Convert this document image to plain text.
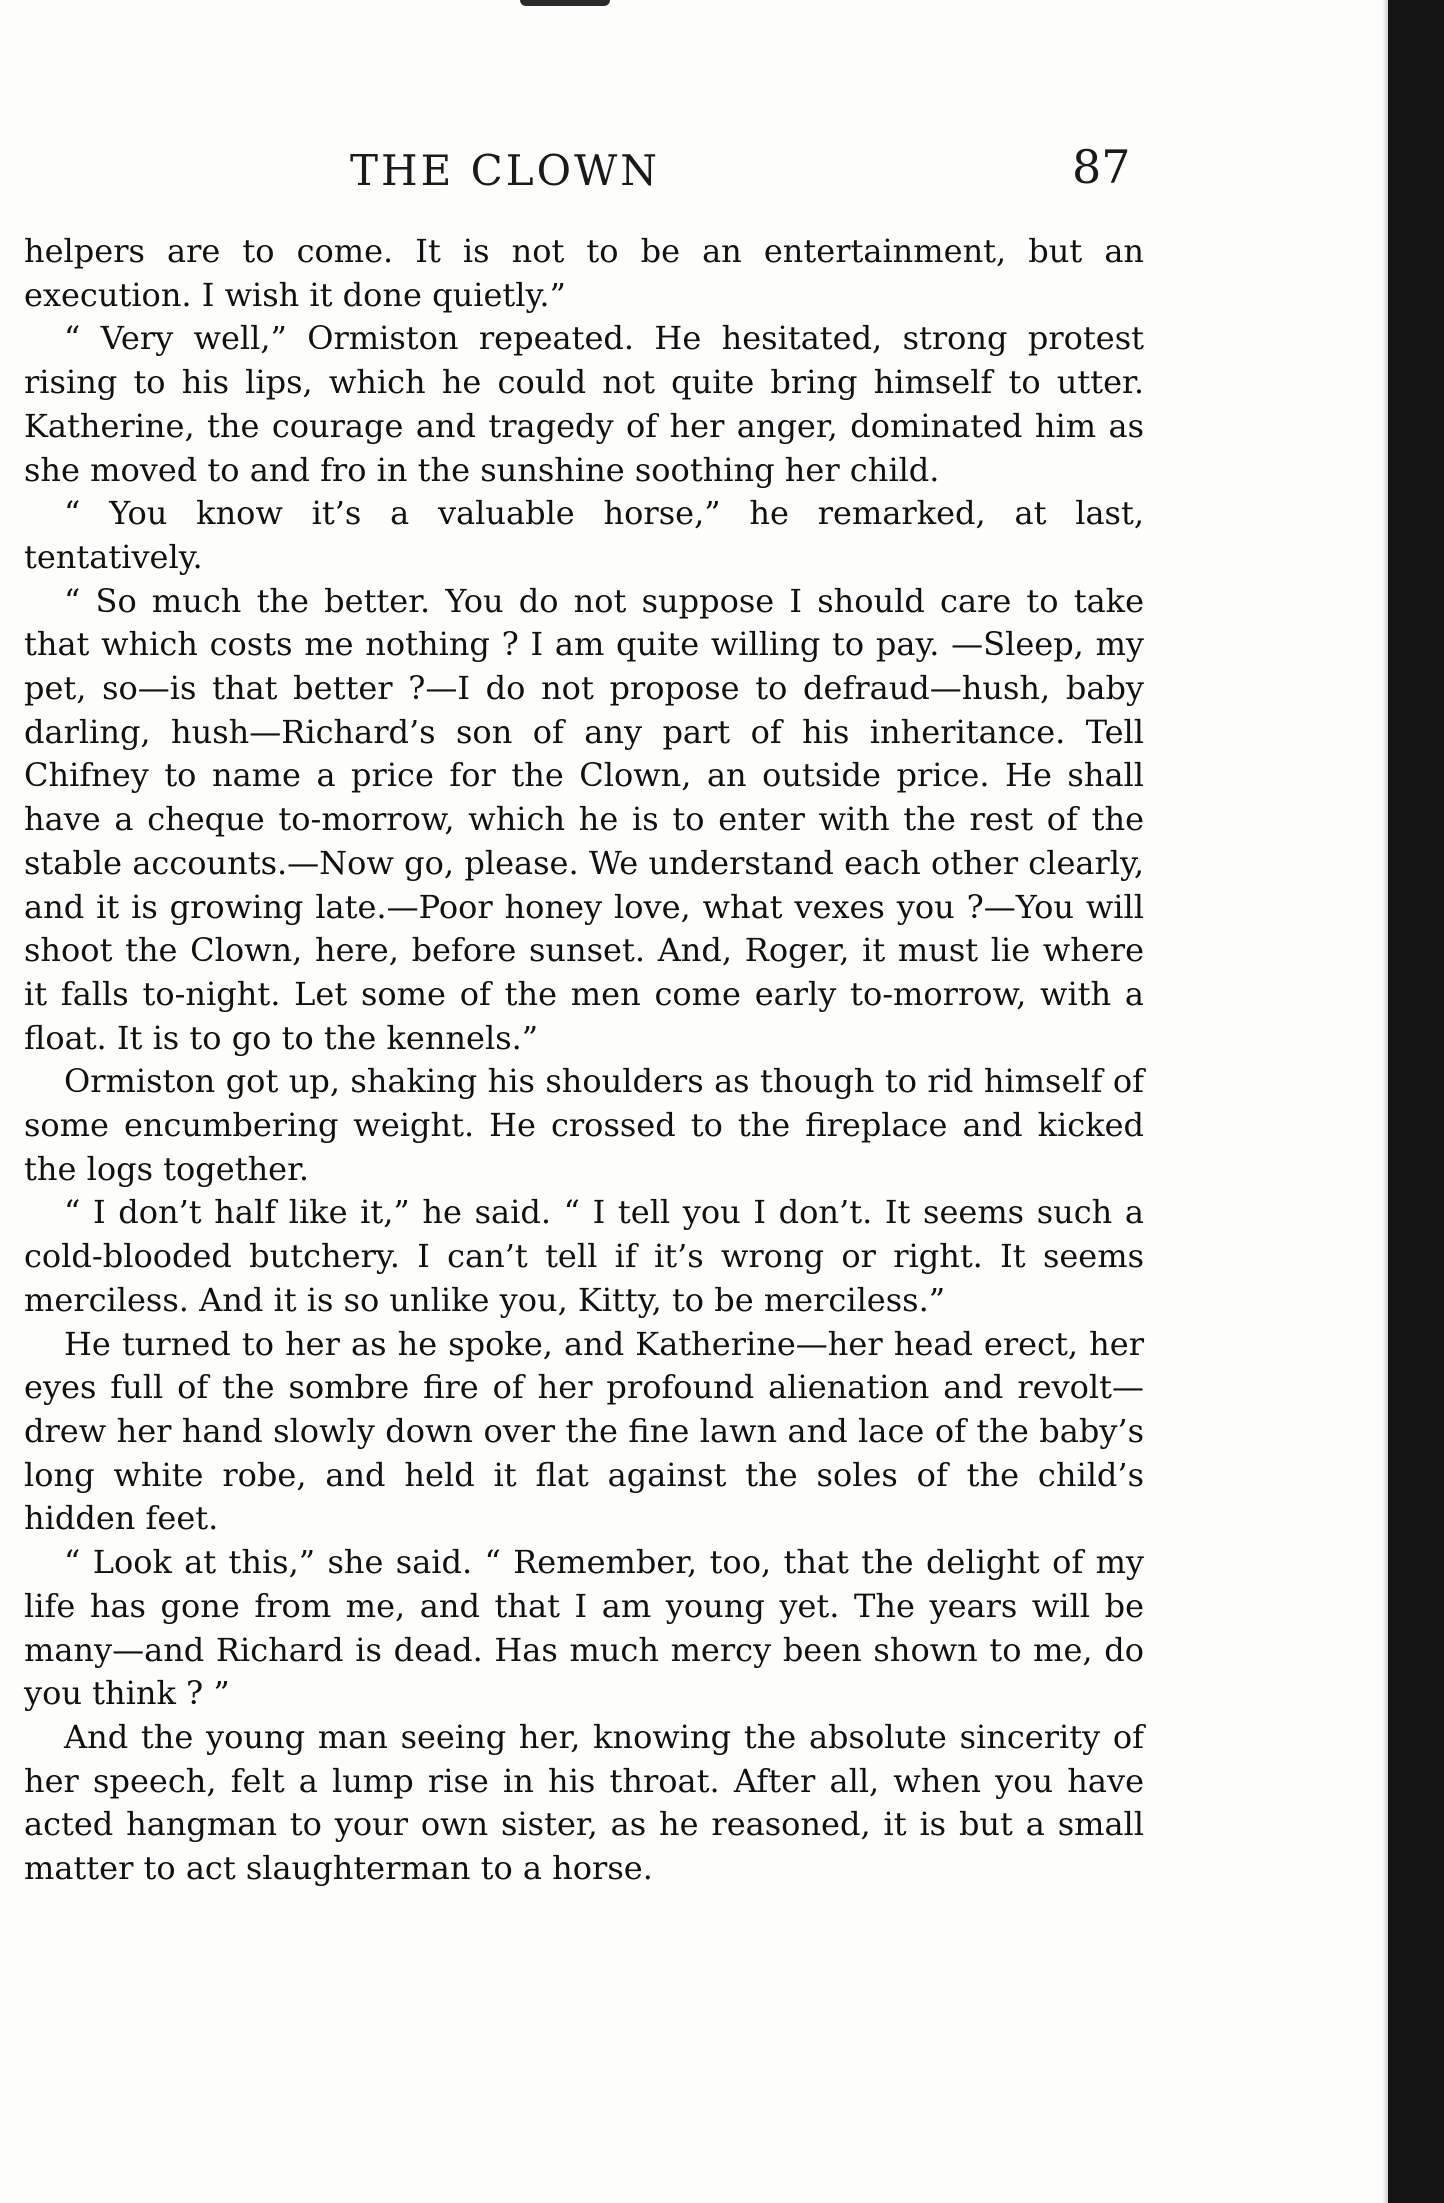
THE CLOWN	87

helpers are to come. It is not to be an entertainment, but an execution. I wish it done quietly.”

“ Very well,” Ormiston repeated. He hesitated, strong protest rising to his lips, which he could not quite bring himself to utter. Katherine, the courage and tragedy of her anger, dominated him as she moved to and fro in the sunshine soothing her child.

“ You know it’s a valuable horse,” he remarked, at last, tentatively.

“ So much the better. You do not suppose I should care to take that which costs me nothing ? I am quite willing to pay. —Sleep, my pet, so—is that better ?—I do not propose to defraud—hush, baby darling, hush—Richard’s son of any part of his inheritance. Tell Chifney to name a price for the Clown, an outside price. He shall have a cheque to-morrow, which he is to enter with the rest of the stable accounts.—Now go, please. We understand each other clearly, and it is growing late.—Poor honey love, what vexes you ?—You will shoot the Clown, here, before sunset. And, Roger, it must lie where it falls to-night. Let some of the men come early to-morrow, with a float. It is to go to the kennels.”

Ormiston got up, shaking his shoulders as though to rid himself of some encumbering weight. He crossed to the fireplace and kicked the logs together.

“ I don’t half like it,” he said. “ I tell you I don’t. It seems such a cold-blooded butchery. I can’t tell if it’s wrong or right. It seems merciless. And it is so unlike you, Kitty, to be merciless.”

He turned to her as he spoke, and Katherine—her head erect, her eyes full of the sombre fire of her profound alienation and revolt—drew her hand slowly down over the fine lawn and lace of the baby’s long white robe, and held it flat against the soles of the child’s hidden feet.

“ Look at this,” she said. “ Remember, too, that the delight of my life has gone from me, and that I am young yet. The years will be many—and Richard is dead. Has much mercy been shown to me, do you think ? ”

And the young man seeing her, knowing the absolute sincerity of her speech, felt a lump rise in his throat. After all, when you have acted hangman to your own sister, as he reasoned, it is but a small matter to act slaughterman to a horse.
